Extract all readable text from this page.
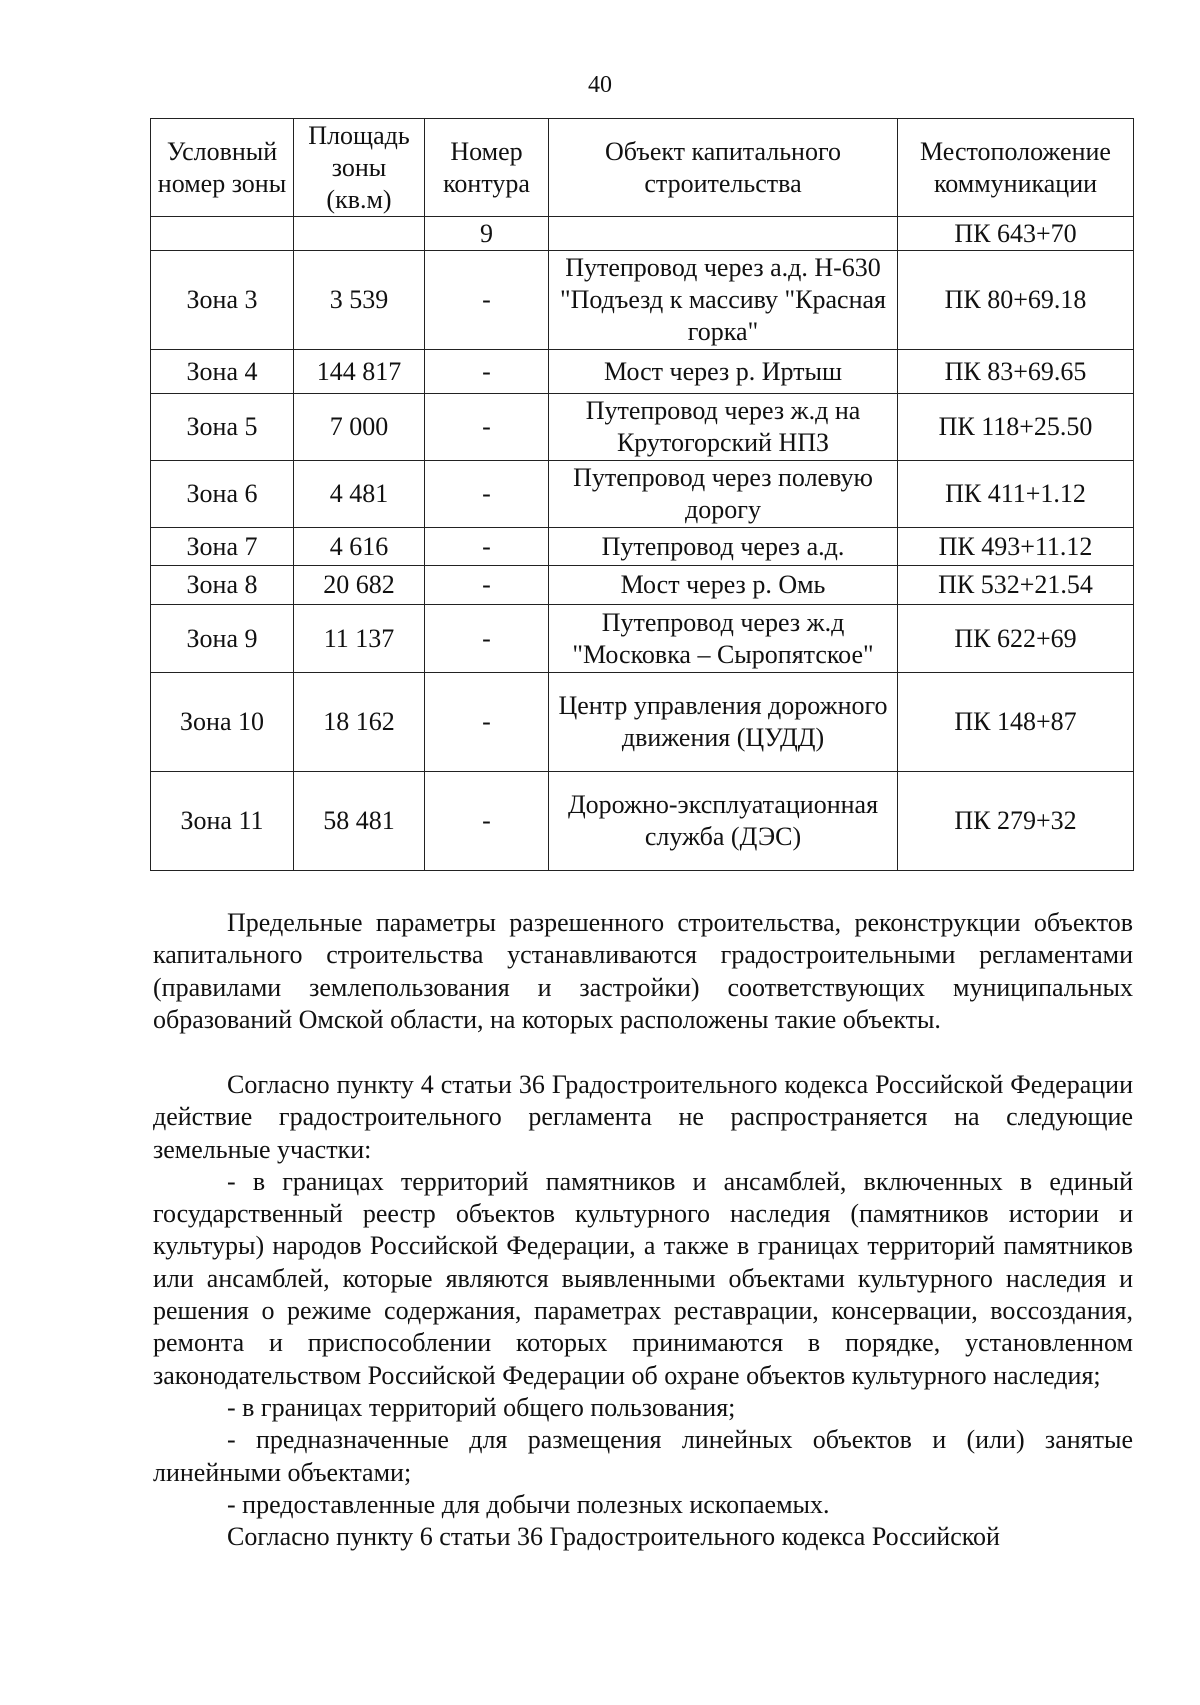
40
Условный номер зоны	Площадь зоны (кв.м)	Номер контура	Объект капитального строительства	Местоположение коммуникации
		9		ПК 643+70
Зона 3	3 539	-	Путепровод через а.д. Н-630 "Подъезд к массиву "Красная горка"	ПК 80+69.18
Зона 4	144 817	-	Мост через р. Иртыш	ПК 83+69.65
Зона 5	7 000	-	Путепровод через ж.д на Крутогорский НПЗ	ПК 118+25.50
Зона 6	4 481	-	Путепровод через полевую дорогу	ПК 411+1.12
Зона 7	4 616	-	Путепровод через а.д.	ПК 493+11.12
Зона 8	20 682	-	Мост через р. Омь	ПК 532+21.54
Зона 9	11 137	-	Путепровод через ж.д "Московка – Сыропятское"	ПК 622+69
Зона 10	18 162	-	Центр управления дорожного движения (ЦУДД)	ПК 148+87
Зона 11	58 481	-	Дорожно-эксплуатационная служба (ДЭС)	ПК 279+32

Предельные параметры разрешенного строительства, реконструкции объектов капитального строительства устанавливаются градостроительными регламентами (правилами землепользования и застройки) соответствующих муниципальных образований Омской области, на которых расположены такие объекты.

Согласно пункту 4 статьи 36 Градостроительного кодекса Российской Федерации действие градостроительного регламента не распространяется на следующие земельные участки:

- в границах территорий памятников и ансамблей, включенных в единый государственный реестр объектов культурного наследия (памятников истории и культуры) народов Российской Федерации, а также в границах территорий памятников или ансамблей, которые являются выявленными объектами культурного наследия и решения о режиме содержания, параметрах реставрации, консервации, воссоздания, ремонта и приспособлении которых принимаются в порядке, установленном законодательством Российской Федерации об охране объектов культурного наследия;

- в границах территорий общего пользования;

- предназначенные для размещения линейных объектов и (или) занятые линейными объектами;

- предоставленные для добычи полезных ископаемых.

Согласно пункту 6 статьи 36 Градостроительного кодекса Российской
